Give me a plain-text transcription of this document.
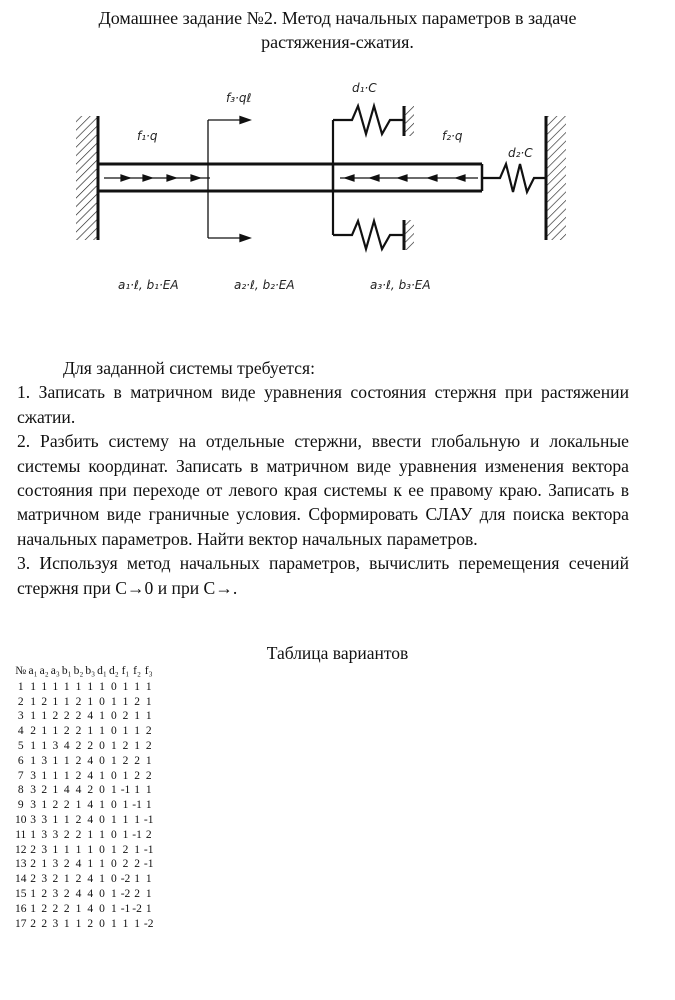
Домашнее задание №2. Метод начальных параметров в задаче
растяжения-сжатия.
f₁·q
f₃·qℓ
d₁·C
f₂·q
d₂·C
a₁·ℓ, b₁·EA	a₂·ℓ, b₂·EA	a₃·ℓ, b₃·EA

Для заданной системы требуется:

1. Записать в матричном виде уравнения состояния стержня при растяжении сжатии.

2. Разбить систему на отдельные стержни, ввести глобальную и локальные системы координат. Записать в матричном виде уравнения изменения вектора состояния при переходе от левого края системы к ее правому краю. Записать в матричном виде граничные условия. Сформировать СЛАУ для поиска вектора начальных параметров. Найти вектор начальных параметров.

3. Используя метод начальных параметров, вычислить перемещения сечений стержня при C→0 и при C→.

Таблица вариантов
№	a₁	a₂	a₃	b₁	b₂	b₃	d₁	d₂	f₁	f₂	f₃
1	1	1	1	1	1	1	1	0	1	1	1
2	1	2	1	1	2	1	0	1	1	2	1
3	1	1	2	2	2	4	1	0	2	1	1
4	2	1	1	2	2	1	1	0	1	1	2
5	1	1	3	4	2	2	0	1	2	1	2
6	1	3	1	1	2	4	0	1	2	2	1
7	3	1	1	1	2	4	1	0	1	2	2
8	3	2	1	4	4	2	0	1	-1	1	1
9	3	1	2	2	1	4	1	0	1	-1	1
10	3	3	1	1	2	4	0	1	1	1	-1
11	1	3	3	2	2	1	1	0	1	-1	2
12	2	3	1	1	1	1	0	1	2	1	-1
13	2	1	3	2	4	1	1	0	2	2	-1
14	2	3	2	1	2	4	1	0	-2	1	1
15	1	2	3	2	4	4	0	1	-2	2	1
16	1	2	2	2	1	4	0	1	-1	-2	1
17	2	2	3	1	1	2	0	1	1	1	-2
